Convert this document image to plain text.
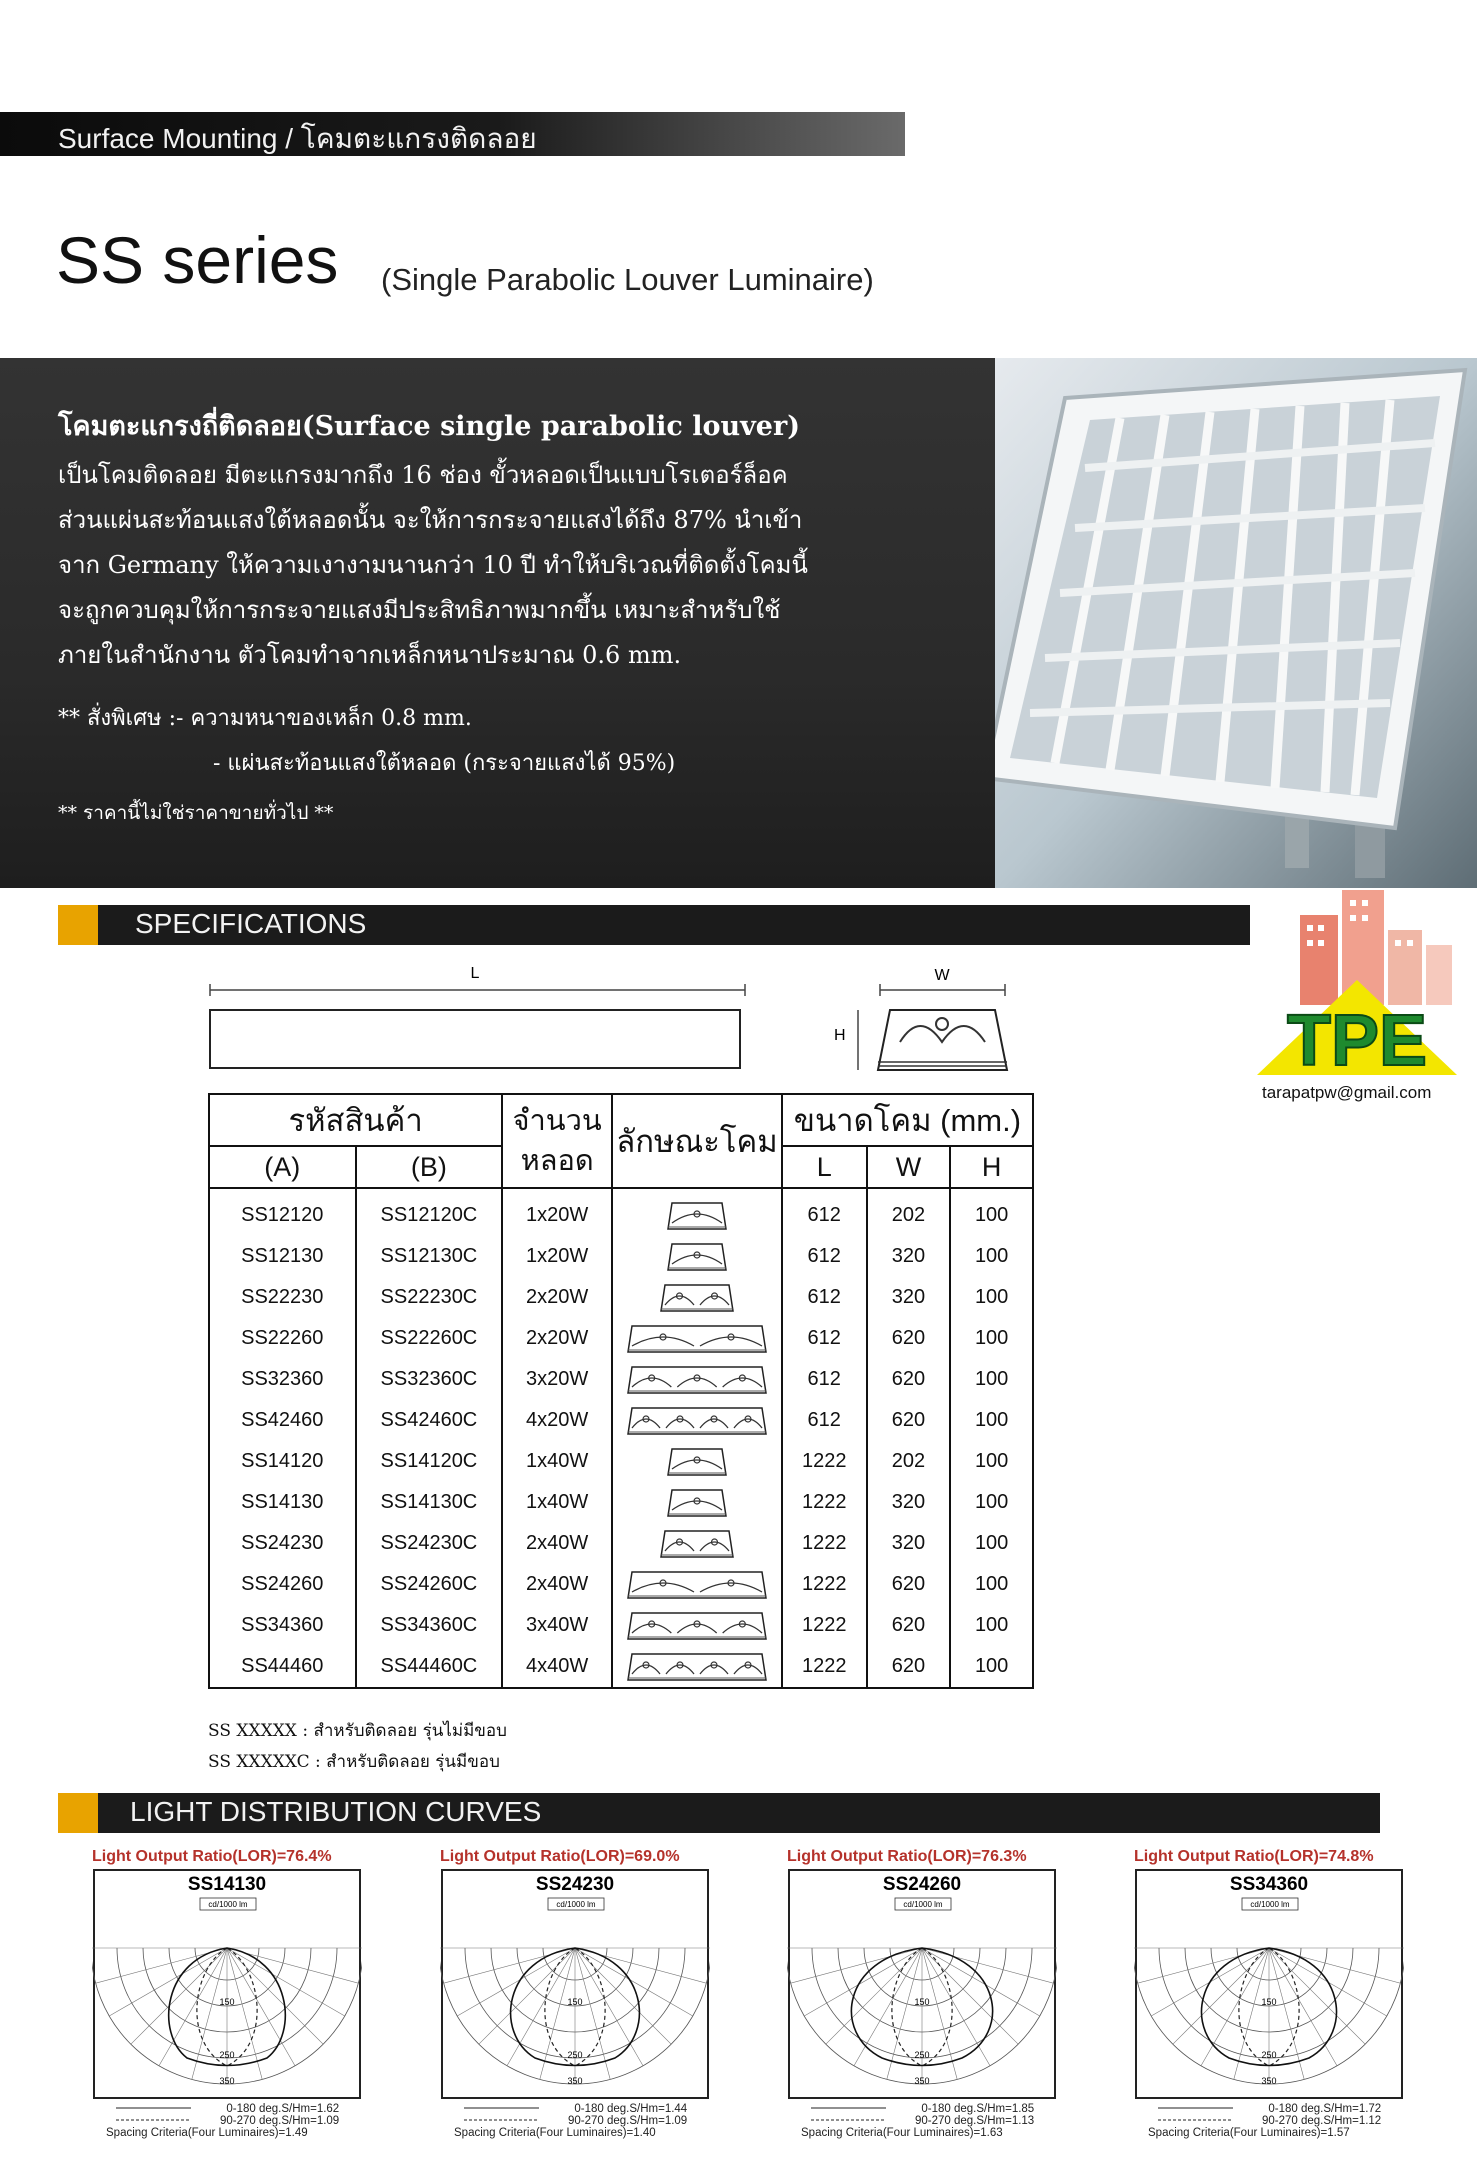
Surface Mounting / โคมตะแกรงติดลอย
SS series (Single Parabolic Louver Luminaire)
โคมตะแกรงถี่ติดลอย(Surface single parabolic louver)
เป็นโคมติดลอย มีตะแกรงมากถึง 16 ช่อง ขั้วหลอดเป็นแบบโรเตอร์ล็อค
ส่วนแผ่นสะท้อนแสงใต้หลอดนั้น จะให้การกระจายแสงได้ถึง 87% นำเข้า
จาก Germany ให้ความเงางามนานกว่า 10 ปี ทำให้บริเวณที่ติดตั้งโคมนี้
จะถูกควบคุมให้การกระจายแสงมีประสิทธิภาพมากขึ้น เหมาะสำหรับใช้
ภายในสำนักงาน ตัวโคมทำจากเหล็กหนาประมาณ 0.6 mm.
** สั่งพิเศษ :- ความหนาของเหล็ก 0.8 mm.
- แผ่นสะท้อนแสงใต้หลอด (กระจายแสงได้ 95%)
** ราคานี้ไม่ใช่ราคาขายทั่วไป **
SPECIFICATIONS
TPE
tarapatpw@gmail.com
L	W
H
รหัสสินค้า		จำนวน หลอด	ลักษณะโคม	ขนาดโคม (mm.)		
(A)	(B)			L	W	H
SS12120	SS12120C	1x20W		612	202	100
SS12130	SS12130C	1x20W		612	320	100
SS22230	SS22230C	2x20W		612	320	100
SS22260	SS22260C	2x20W		612	620	100
SS32360	SS32360C	3x20W		612	620	100
SS42460	SS42460C	4x20W		612	620	100
SS14120	SS14120C	1x40W		1222	202	100
SS14130	SS14130C	1x40W		1222	320	100
SS24230	SS24230C	2x40W		1222	320	100
SS24260	SS24260C	2x40W		1222	620	100
SS34360	SS34360C	3x40W		1222	620	100
SS44460	SS44460C	4x40W		1222	620	100
SS XXXXX : สำหรับติดลอย รุ่นไม่มีขอบ
SS XXXXXC : สำหรับติดลอย รุ่นมีขอบ
LIGHT DISTRIBUTION CURVES
Light Output Ratio(LOR)=76.4%
SS14130
cd/1000 lm
150
250
350
0-180 deg.S/Hm=1.62
90-270 deg.S/Hm=1.09
Spacing Criteria(Four Luminaires)=1.49
Light Output Ratio(LOR)=69.0%
SS24230
cd/1000 lm
150
250
350
0-180 deg.S/Hm=1.44
90-270 deg.S/Hm=1.09
Spacing Criteria(Four Luminaires)=1.40
Light Output Ratio(LOR)=76.3%
SS24260
cd/1000 lm
150
250
350
0-180 deg.S/Hm=1.85
90-270 deg.S/Hm=1.13
Spacing Criteria(Four Luminaires)=1.63
Light Output Ratio(LOR)=74.8%
SS34360
cd/1000 lm
150
250
350
0-180 deg.S/Hm=1.72
90-270 deg.S/Hm=1.12
Spacing Criteria(Four Luminaires)=1.57
